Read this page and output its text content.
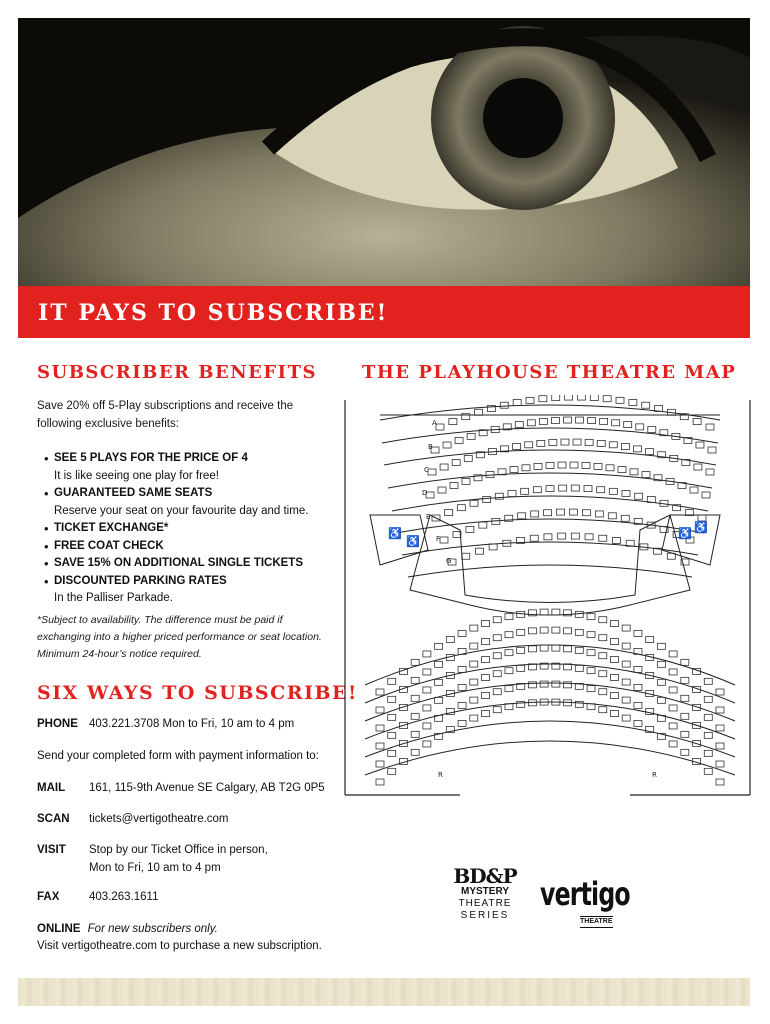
IT PAYS TO SUBSCRIBE!
SUBSCRIBER BENEFITS
Save 20% off 5-Play subscriptions and receive the
following exclusive benefits:
• SEE 5 PLAYS FOR THE PRICE OF 4
It is like seeing one play for free!
• GUARANTEED SAME SEATS
Reserve your seat on your favourite day and time.
• TICKET EXCHANGE*
• FREE COAT CHECK
• SAVE 15% ON ADDITIONAL SINGLE TICKETS
• DISCOUNTED PARKING RATES
In the Palliser Parkade.
*Subject to availability. The difference must be paid if
exchanging into a higher priced performance or seat location.
Minimum 24-hour’s notice required.
SIX WAYS TO SUBSCRIBE!
PHONE 403.221.3708 Mon to Fri, 10 am to 4 pm
Send your completed form with payment information to:
MAIL 161, 115-9th Avenue SE Calgary, AB T2G 0P5
SCAN tickets@vertigotheatre.com
VISIT Stop by our Ticket Office in person,
Mon to Fri, 10 am to 4 pm
FAX	403.263.1611
ONLINE For new subscribers only.
Visit vertigotheatre.com to purchase a new subscription.
THE PLAYHOUSE THEATRE MAP
A
B
C
D
E
F
G
R	R
♿
♿
♿ ♿
BD&P
MYSTERY
THEATRE
SERIES
vertigo
THEATRE
